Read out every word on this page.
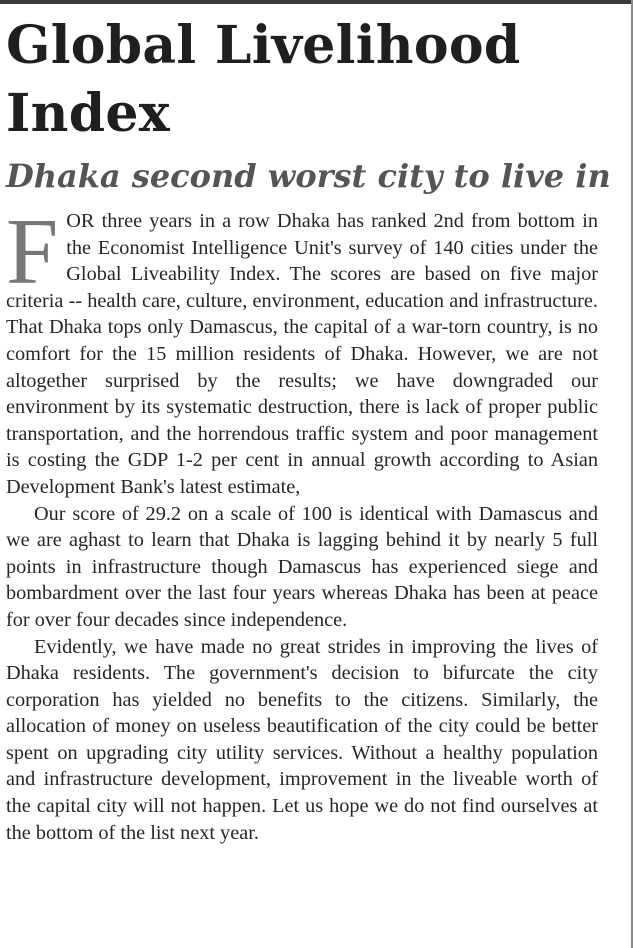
Global Livelihood
Index
Dhaka second worst city to live in

FOR three years in a row Dhaka has ranked 2nd from bottom in the Economist Intelligence Unit's survey of 140 cities under the Global Liveability Index. The scores are based on five major criteria -- health care, culture, environment, education and infrastructure. That Dhaka tops only Damascus, the capital of a war-torn country, is no comfort for the 15 million residents of Dhaka. However, we are not altogether surprised by the results; we have downgraded our environment by its systematic destruction, there is lack of proper public transportation, and the horrendous traffic system and poor management is costing the GDP 1-2 per cent in annual growth according to Asian Development Bank's latest estimate,

Our score of 29.2 on a scale of 100 is identical with Damascus and we are aghast to learn that Dhaka is lagging behind it by nearly 5 full points in infrastructure though Damascus has experienced siege and bombardment over the last four years whereas Dhaka has been at peace for over four decades since independence.

Evidently, we have made no great strides in improving the lives of Dhaka residents. The government's decision to bifurcate the city corporation has yielded no benefits to the citizens. Similarly, the allocation of money on useless beautification of the city could be better spent on upgrading city utility services. Without a healthy population and infrastructure development, improvement in the liveable worth of the capital city will not happen. Let us hope we do not find ourselves at the bottom of the list next year.
